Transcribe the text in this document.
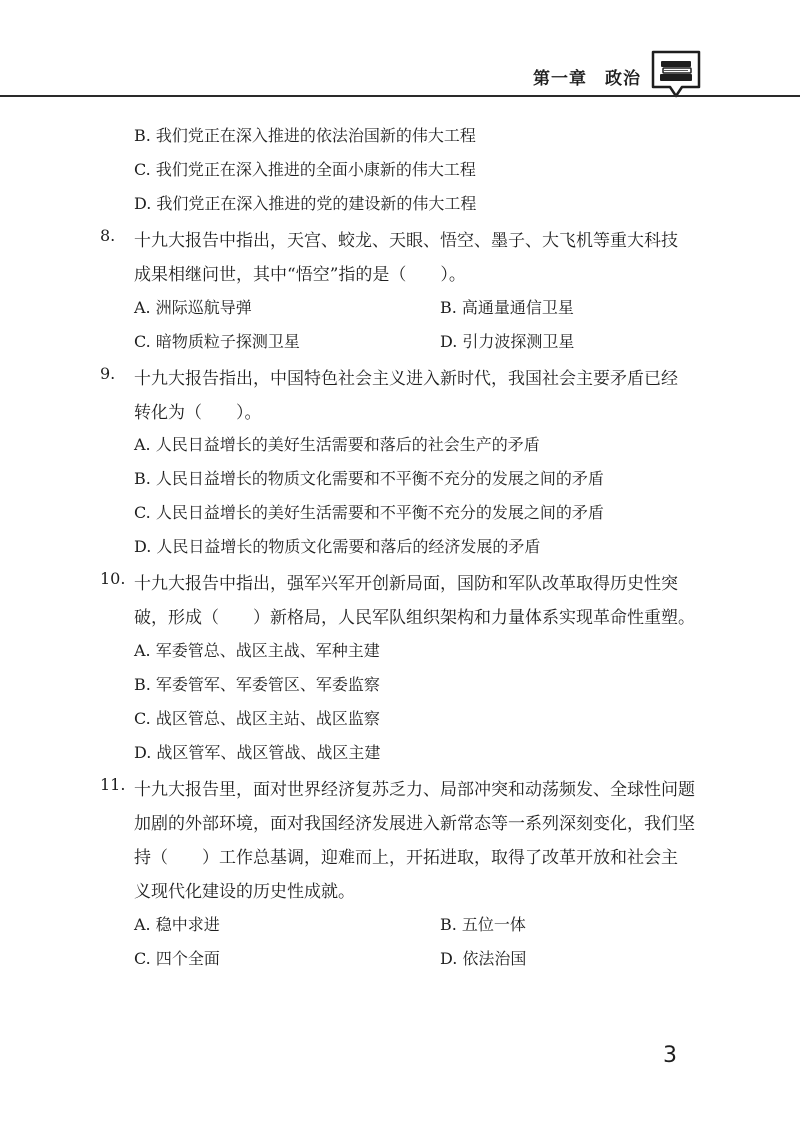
第一章　政治
B. 我们党正在深入推进的依法治国新的伟大工程
C. 我们党正在深入推进的全面小康新的伟大工程
D. 我们党正在深入推进的党的建设新的伟大工程
8. 十九大报告中指出，天宫、蛟龙、天眼、悟空、墨子、大飞机等重大科技
成果相继问世，其中“悟空”指的是（　　）。
A. 洲际巡航导弹	B. 高通量通信卫星
C. 暗物质粒子探测卫星	D. 引力波探测卫星
9. 十九大报告指出，中国特色社会主义进入新时代，我国社会主要矛盾已经
转化为（　　）。
A. 人民日益增长的美好生活需要和落后的社会生产的矛盾
B. 人民日益增长的物质文化需要和不平衡不充分的发展之间的矛盾
C. 人民日益增长的美好生活需要和不平衡不充分的发展之间的矛盾
D. 人民日益增长的物质文化需要和落后的经济发展的矛盾
10. 十九大报告中指出，强军兴军开创新局面，国防和军队改革取得历史性突
破，形成（　　）新格局，人民军队组织架构和力量体系实现革命性重塑。
A. 军委管总、战区主战、军种主建
B. 军委管军、军委管区、军委监察
C. 战区管总、战区主站、战区监察
D. 战区管军、战区管战、战区主建
11. 十九大报告里，面对世界经济复苏乏力、局部冲突和动荡频发、全球性问题
加剧的外部环境，面对我国经济发展进入新常态等一系列深刻变化，我们坚
持（　　）工作总基调，迎难而上，开拓进取，取得了改革开放和社会主
义现代化建设的历史性成就。
A. 稳中求进	B. 五位一体
C. 四个全面	D. 依法治国
3
